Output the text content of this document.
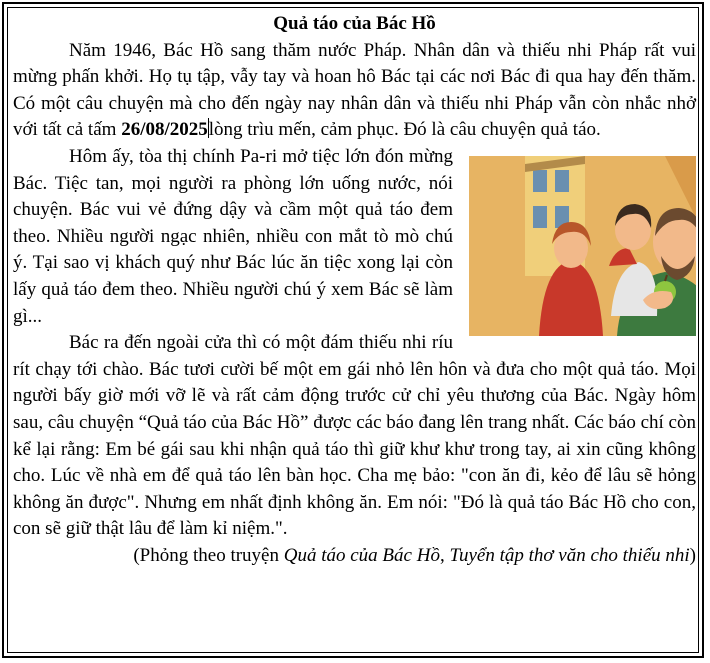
Quả táo của Bác Hồ

Năm 1946, Bác Hồ sang thăm nước Pháp. Nhân dân và thiếu nhi Pháp rất vui mừng phấn khởi. Họ tụ tập, vẫy tay và hoan hô Bác tại các nơi Bác đi qua hay đến thăm. Có một câu chuyện mà cho đến ngày nay nhân dân và thiếu nhi Pháp vẫn còn nhắc nhở với tất cả tấm 26/08/2025lòng trìu mến, cảm phục. Đó là câu chuyện quả táo.

Hôm ấy, tòa thị chính Pa-ri mở tiệc lớn đón mừng Bác. Tiệc tan, mọi người ra phòng lớn uống nước, nói chuyện. Bác vui vẻ đứng dậy và cầm một quả táo đem theo. Nhiều người ngạc nhiên, nhiều con mắt tò mò chú ý. Tại sao vị khách quý như Bác lúc ăn tiệc xong lại còn lấy quả táo đem theo. Nhiều người chú ý xem Bác sẽ làm gì...

Bác ra đến ngoài cửa thì có một đám thiếu nhi ríu rít chạy tới chào. Bác tươi cười bế một em gái nhỏ lên hôn và đưa cho một quả táo. Mọi người bấy giờ mới vỡ lẽ và rất cảm động trước cử chỉ yêu thương của Bác. Ngày hôm sau, câu chuyện “Quả táo của Bác Hồ” được các báo đang lên trang nhất. Các báo chí còn kể lại rằng: Em bé gái sau khi nhận quả táo thì giữ khư khư trong tay, ai xin cũng không cho. Lúc về nhà em để quả táo lên bàn học. Cha mẹ bảo: "con ăn đi, kẻo để lâu sẽ hỏng không ăn được". Nhưng em nhất định không ăn. Em nói: "Đó là quả táo Bác Hồ cho con, con sẽ giữ thật lâu để làm kỉ niệm.".

(Phỏng theo truyện Quả táo của Bác Hồ, Tuyển tập thơ văn cho thiếu nhi)
